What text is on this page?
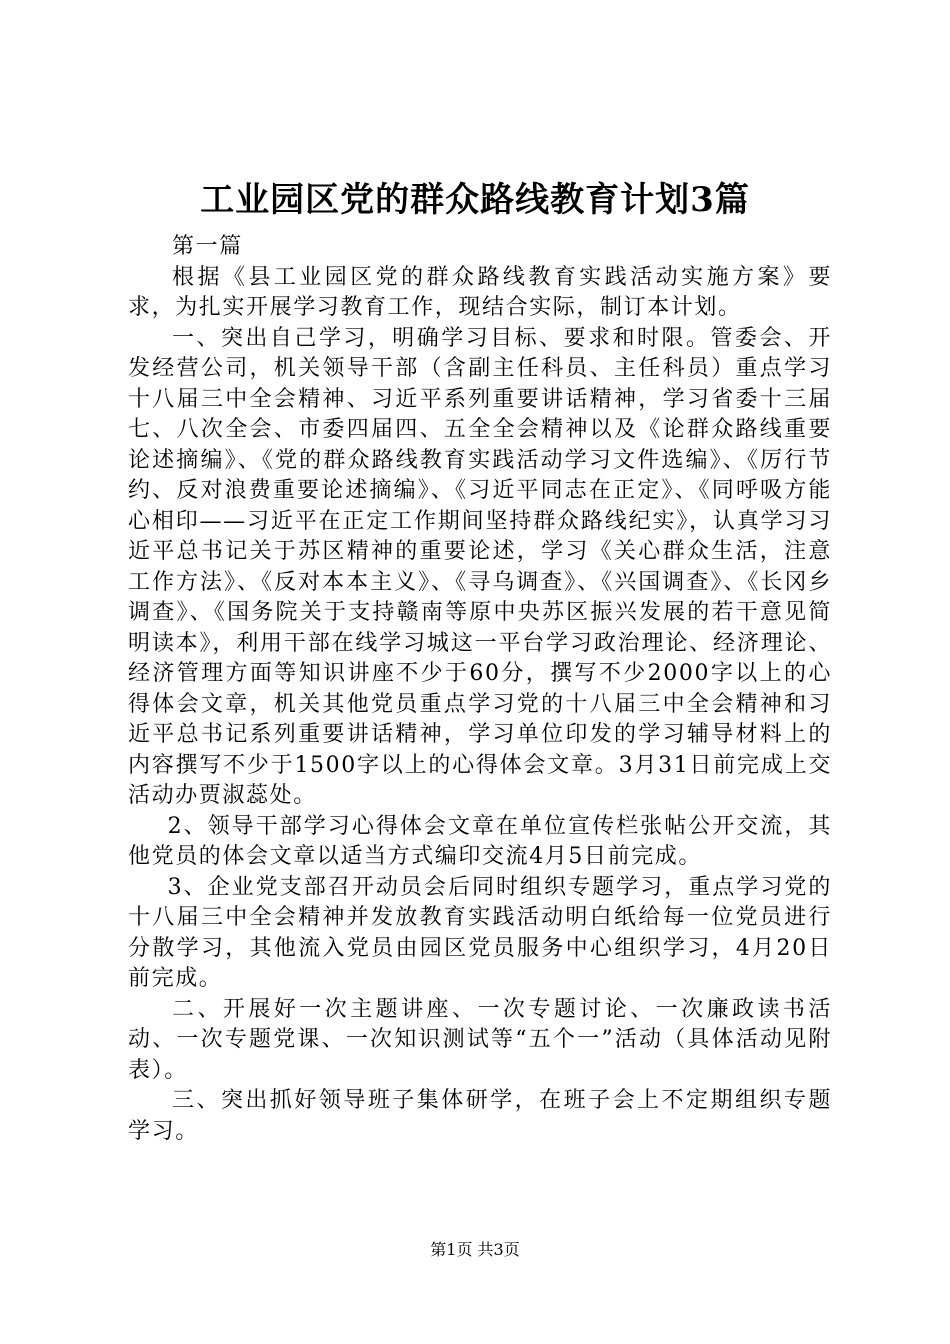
工业园区党的群众路线教育计划3篇

第一篇

根据《县工业园区党的群众路线教育实践活动实施方案》要求，为扎实开展学习教育工作，现结合实际，制订本计划。

一、突出自己学习，明确学习目标、要求和时限。管委会、开发经营公司，机关领导干部（含副主任科员、主任科员）重点学习十八届三中全会精神、习近平系列重要讲话精神，学习省委十三届七、八次全会、市委四届四、五全全会精神以及《论群众路线重要论述摘编》、《党的群众路线教育实践活动学习文件选编》、《厉行节约、反对浪费重要论述摘编》、《习近平同志在正定》、《同呼吸方能心相印——习近平在正定工作期间坚持群众路线纪实》，认真学习习近平总书记关于苏区精神的重要论述，学习《关心群众生活，注意工作方法》、《反对本本主义》、《寻乌调查》、《兴国调查》、《长冈乡调查》、《国务院关于支持赣南等原中央苏区振兴发展的若干意见简明读本》，利用干部在线学习城这一平台学习政治理论、经济理论、经济管理方面等知识讲座不少于60分，撰写不少2000字以上的心得体会文章，机关其他党员重点学习党的十八届三中全会精神和习近平总书记系列重要讲话精神，学习单位印发的学习辅导材料上的内容撰写不少于1500字以上的心得体会文章。3月31日前完成上交活动办贾淑蕊处。

2、领导干部学习心得体会文章在单位宣传栏张帖公开交流，其他党员的体会文章以适当方式编印交流4月5日前完成。

3、企业党支部召开动员会后同时组织专题学习，重点学习党的十八届三中全会精神并发放教育实践活动明白纸给每一位党员进行分散学习，其他流入党员由园区党员服务中心组织学习，4月20日前完成。

二、开展好一次主题讲座、一次专题讨论、一次廉政读书活动、一次专题党课、一次知识测试等“五个一”活动（具体活动见附表）。

三、突出抓好领导班子集体研学，在班子会上不定期组织专题学习。

第1页 共3页
